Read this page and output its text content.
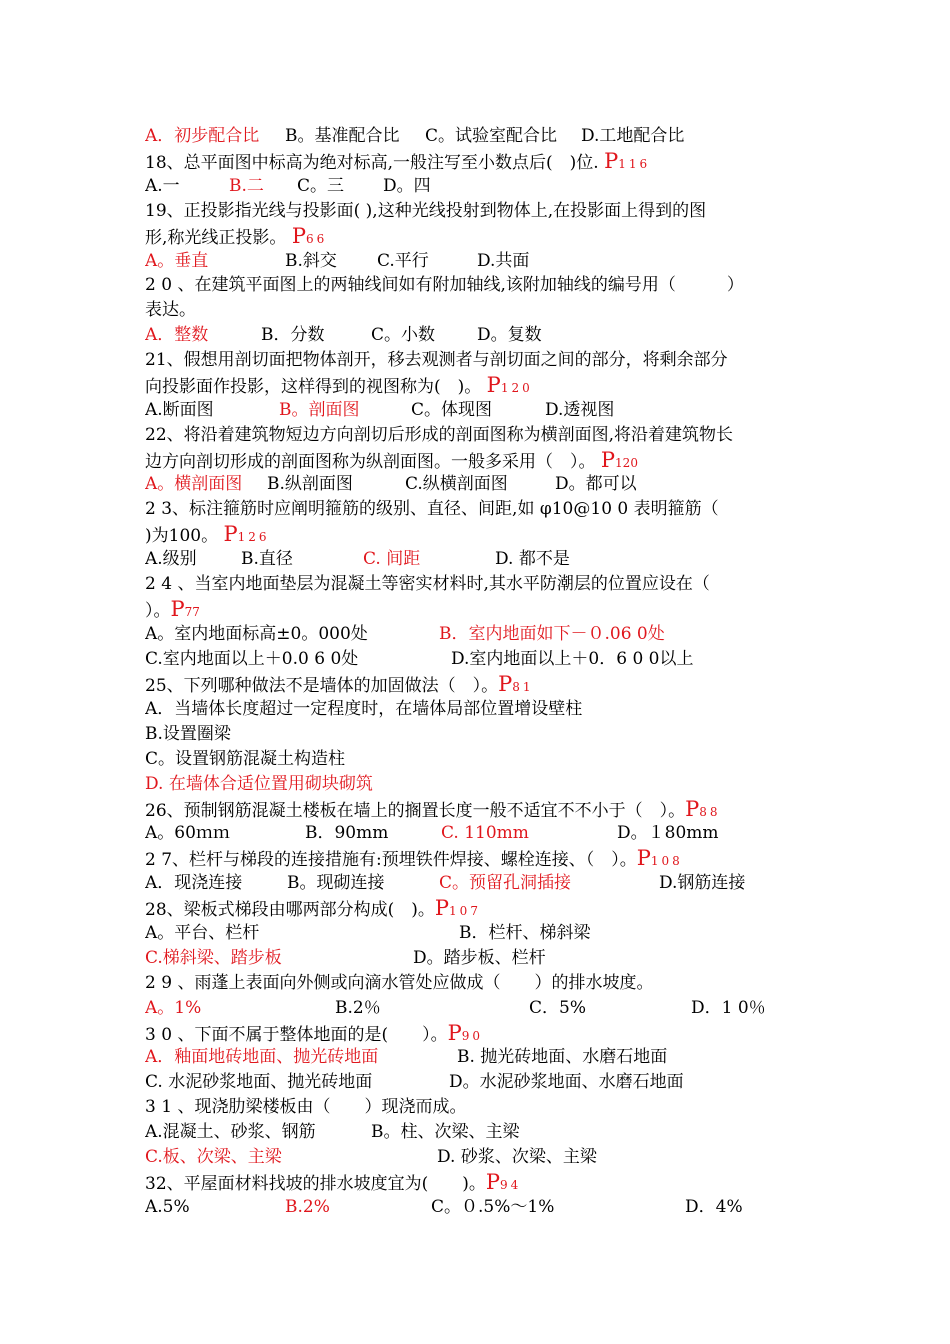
A．初步配合比 B。基准配合比 C。试验室配合比 D.工地配合比
18、总平面图中标高为绝对标高,一般注写至小数点后(　)位. P116
A.一	B.二 C。三 D。四
19、正投影指光线与投影面( ),这种光线投射到物体上,在投影面上得到的图
形,称光线正投影。 P66
A。垂直	B.斜交 C.平行	D.共面
2 0 、在建筑平面图上的两轴线间如有附加轴线,该附加轴线的编号用（　　　）
表达。
A．整数	B．分数	C。小数 D。复数
21、假想用剖切面把物体剖开，移去观测者与剖切面之间的部分，将剩余部分
向投影面作投影，这样得到的视图称为(　)。 P120
A.断面图	B。剖面图	C。体现图	D.透视图
22、将沿着建筑物短边方向剖切后形成的剖面图称为横剖面图,将沿着建筑物长
边方向剖切形成的剖面图称为纵剖面图。一般多采用（　）。 P120
A。横剖面图 B.纵剖面图	C.纵横剖面图	D。都可以
2 3、标注箍筋时应阐明箍筋的级别、直径、间距,如 φ10@10 0 表明箍筋（
)为100。 P126
A.级别	B.直径	C. 间距	D. 都不是
2 4 、当室内地面垫层为混凝土等密实材料时,其水平防潮层的位置应设在（
）。P77
A。室内地面标高±0。000处	B．室内地面如下－０.06 0处
C.室内地面以上＋0.0 6 0处	D.室内地面以上＋0．6 0 0以上
25、下列哪种做法不是墙体的加固做法（　）。P81
A．当墙体长度超过一定程度时，在墙体局部位置增设壁柱
B.设置圈梁
C。设置钢筋混凝土构造柱
D. 在墙体合适位置用砌块砌筑
26、预制钢筋混凝土楼板在墙上的搁置长度一般不适宜不不小于（　）。P88
A。60ｍｍ	B．90mm	C. 110mm	D。１80mm
2 7、栏杆与梯段的连接措施有:预埋铁件焊接、螺栓连接、（　）。P108
A．现浇连接	B。现砌连接	C。预留孔洞插接	D.钢筋连接
28、梁板式梯段由哪两部分构成(　)。P107
A。平台、栏杆	B．栏杆、梯斜梁
C.梯斜梁、踏步板	D。踏步板、栏杆
2 9 、雨蓬上表面向外侧或向滴水管处应做成（　　）的排水坡度。
A。1%	B.2％	C．5%	D．1 0％
3 0 、下面不属于整体地面的是(　　）。P90
A．釉面地砖地面、抛光砖地面	B. 抛光砖地面、水磨石地面
C. 水泥砂浆地面、抛光砖地面	D。水泥砂浆地面、水磨石地面
3 1 、现浇肋梁楼板由（　　）现浇而成。
A.混凝土、砂浆、钢筋	B。柱、次梁、主梁
C.板、次梁、主梁	D. 砂浆、次梁、主梁
32、平屋面材料找坡的排水坡度宜为(　　)。P94
A.5%	B.2%	C。０.5%～1%	D．4%
